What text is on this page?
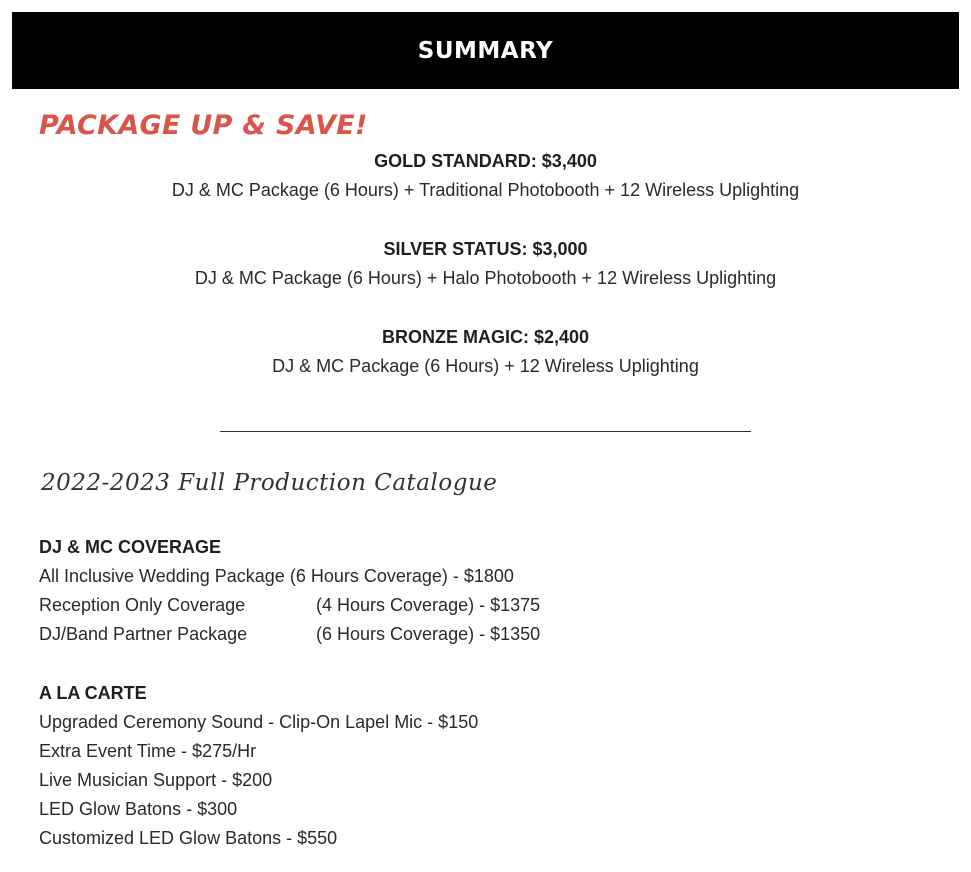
SUMMARY
PACKAGE UP & SAVE!
GOLD STANDARD: $3,400
DJ & MC Package (6 Hours) + Traditional Photobooth + 12 Wireless Uplighting
SILVER STATUS: $3,000
DJ & MC Package (6 Hours) + Halo Photobooth + 12 Wireless Uplighting
BRONZE MAGIC: $2,400
DJ & MC Package (6 Hours) + 12 Wireless Uplighting
2022-2023 Full Production Catalogue
DJ & MC COVERAGE
All Inclusive Wedding Package (6 Hours Coverage) - $1800
Reception Only Coverage	(4 Hours Coverage) - $1375
DJ/Band Partner Package	(6 Hours Coverage) - $1350
A LA CARTE
Upgraded Ceremony Sound - Clip-On Lapel Mic - $150
Extra Event Time - $275/Hr
Live Musician Support - $200
LED Glow Batons - $300
Customized LED Glow Batons - $550
